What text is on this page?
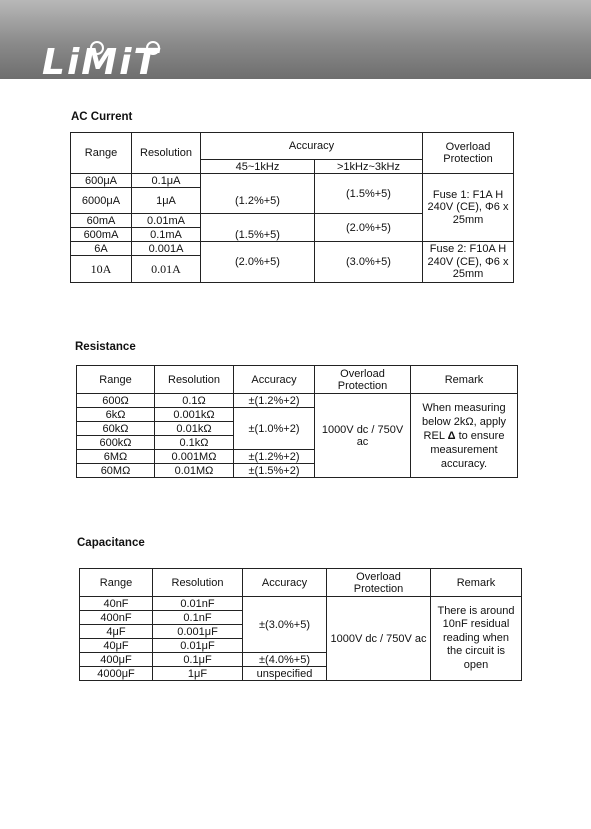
LiMiT
AC Current
Range	Resolution	Accuracy		Overload Protection
		45~1kHz	>1kHz~3kHz	
600μA	0.1μA	(1.2%+5)	(1.5%+5)	Fuse 1: F1A H 240V (CE), Φ6 x 25mm
6000μA	1μA			
60mA	0.01mA	(1.5%+5)	(2.0%+5)	
600mA	0.1mA			
6A	0.001A	(2.0%+5)	(3.0%+5)	Fuse 2: F10A H 240V (CE), Φ6 x 25mm
10A	0.01A			
Resistance
Range	Resolution	Accuracy	Overload Protection	Remark
600Ω	0.1Ω	±(1.2%+2)	1000V dc / 750V ac	When measuring below 2kΩ, apply REL Δ to ensure measurement accuracy.
6kΩ	0.001kΩ	±(1.0%+2)		
60kΩ	0.01kΩ			
600kΩ	0.1kΩ			
6MΩ	0.001MΩ	±(1.2%+2)		
60MΩ	0.01MΩ	±(1.5%+2)		
Capacitance
Range	Resolution	Accuracy	Overload Protection	Remark
40nF	0.01nF	±(3.0%+5)	1000V dc / 750V ac	There is around 10nF residual reading when the circuit is open
400nF	0.1nF			
4μF	0.001μF			
40μF	0.01μF			
400μF	0.1μF	±(4.0%+5)		
4000μF	1μF	unspecified		
